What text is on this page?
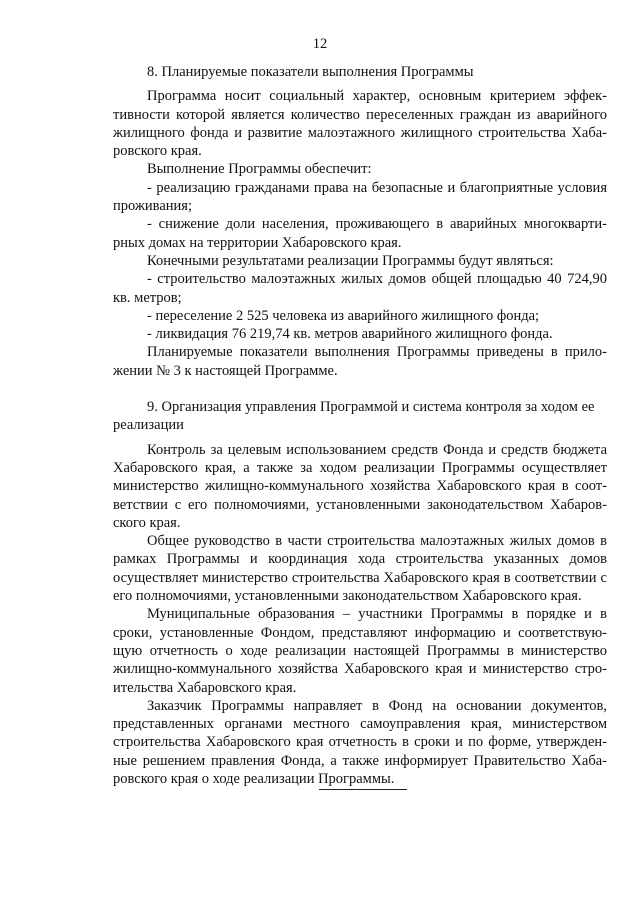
12

8. Планируемые показатели выполнения Программы

Программа носит социальный характер, основным критерием эффективности которой является количество переселенных граждан из аварийного жилищного фонда и развитие малоэтажного жилищного строительства Хабаровского края.

Выполнение Программы обеспечит:

- реализацию гражданами права на безопасные и благоприятные условия проживания;

- снижение доли населения, проживающего в аварийных многоквартирных домах на территории Хабаровского края.

Конечными результатами реализации Программы будут являться:

- строительство малоэтажных жилых домов общей площадью 40 724,90 кв. метров;

- переселение 2 525 человека из аварийного жилищного фонда;

- ликвидация 76 219,74 кв. метров аварийного жилищного фонда.

Планируемые показатели выполнения Программы приведены в приложении № 3 к настоящей Программе.

9. Организация управления Программой и система контроля за ходом ее реализации

Контроль за целевым использованием средств Фонда и средств бюджета Хабаровского края, а также за ходом реализации Программы осуществляет министерство жилищно-коммунального хозяйства Хабаровского края в соответствии с его полномочиями, установленными законодательством Хабаровского края.

Общее руководство в части строительства малоэтажных жилых домов в рамках Программы и координация хода строительства указанных домов осуществляет министерство строительства Хабаровского края в соответствии с его полномочиями, установленными законодательством Хабаровского края.

Муниципальные образования – участники Программы в порядке и в сроки, установленные Фондом, представляют информацию и соответствующую отчетность о ходе реализации настоящей Программы в министерство жилищно-коммунального хозяйства Хабаровского края и министерство строительства Хабаровского края.

Заказчик Программы направляет в Фонд на основании документов, представленных органами местного самоуправления края, министерством строительства Хабаровского края отчетность в сроки и по форме, утвержденные решением правления Фонда, а также информирует Правительство Хабаровского края о ходе реализации Программы.
